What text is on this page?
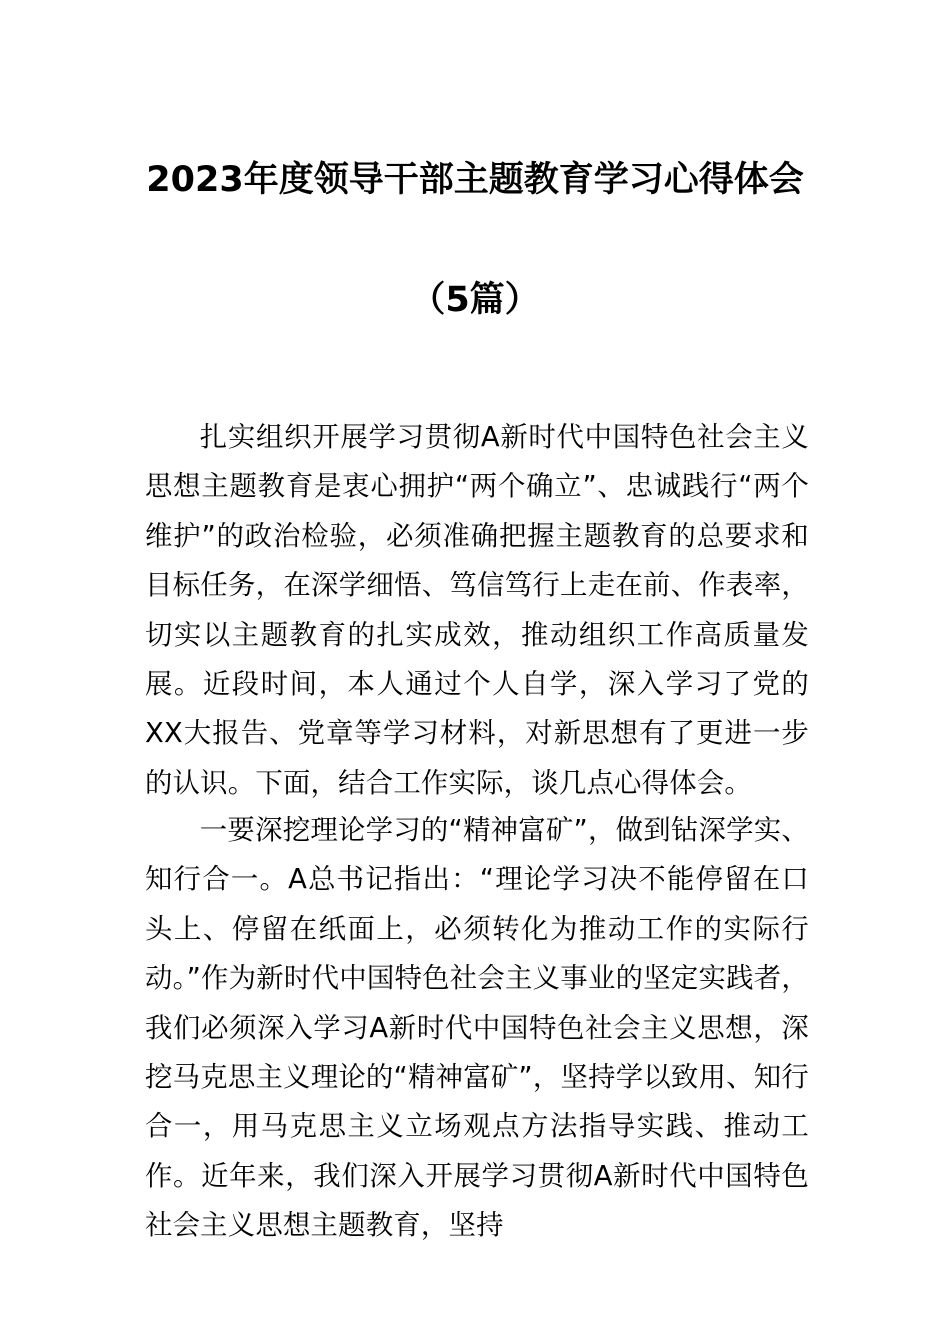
2023年度领导干部主题教育学习心得体会
（5篇）

扎实组织开展学习贯彻A新时代中国特色社会主义思想主题教育是衷心拥护“两个确立”、忠诚践行“两个维护”的政治检验，必须准确把握主题教育的总要求和目标任务，在深学细悟、笃信笃行上走在前、作表率，切实以主题教育的扎实成效，推动组织工作高质量发展。近段时间，本人通过个人自学，深入学习了党的XX大报告、党章等学习材料，对新思想有了更进一步的认识。下面，结合工作实际，谈几点心得体会。

一要深挖理论学习的“精神富矿”，做到钻深学实、知行合一。A总书记指出：“理论学习决不能停留在口头上、停留在纸面上，必须转化为推动工作的实际行动。”作为新时代中国特色社会主义事业的坚定实践者，我们必须深入学习A新时代中国特色社会主义思想，深挖马克思主义理论的“精神富矿”，坚持学以致用、知行合一，用马克思主义立场观点方法指导实践、推动工作。近年来，我们深入开展学习贯彻A新时代中国特色社会主义思想主题教育，坚持
